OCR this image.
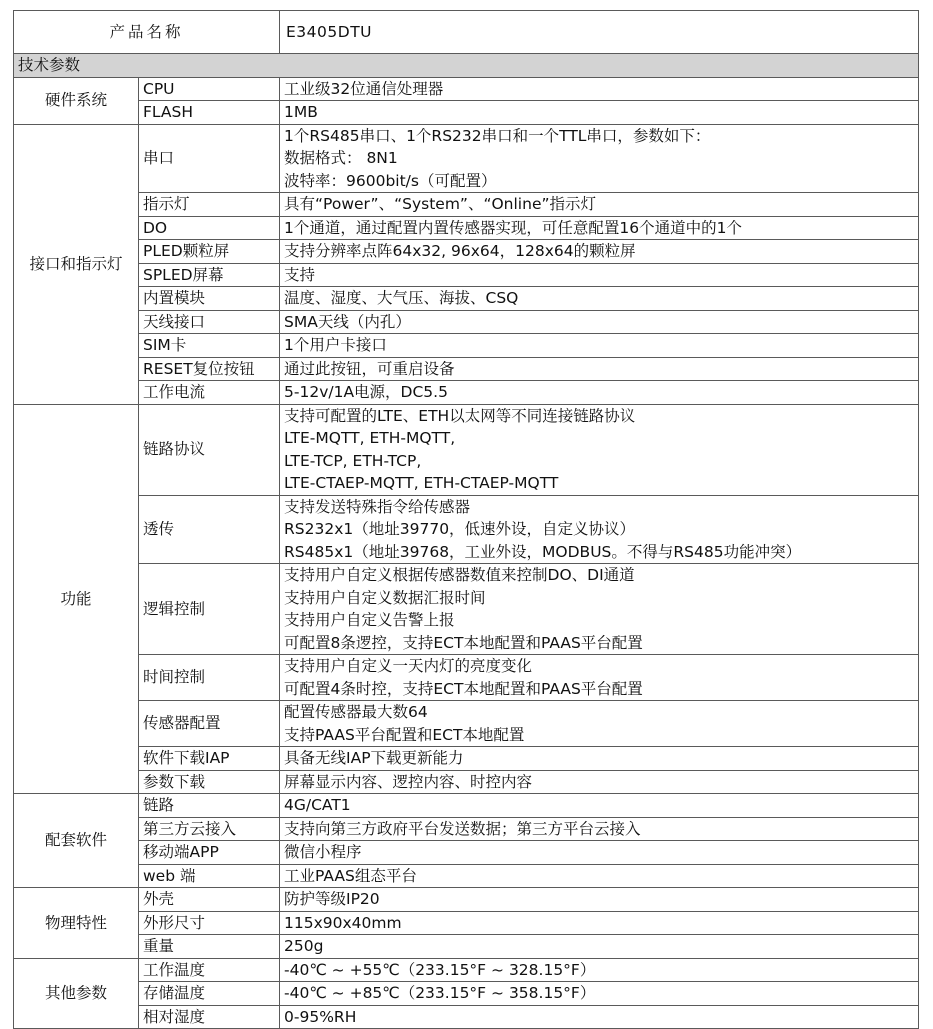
产品名称		E3405DTU
技术参数		
硬件系统	CPU	工业级32位通信处理器

	FLASH	1MB

接口和指示灯	串口	1个RS485串口、1个RS232串口和一个TTL串口，参数如下：
数据格式： 8N1
波特率：9600bit/s（可配置）

	指示灯	具有“Power”、“System”、“Online”指示灯

	DO	1个通道，通过配置内置传感器实现，可任意配置16个通道中的1个

	PLED颗粒屏	支持分辨率点阵64x32, 96x64，128x64的颗粒屏

	SPLED屏幕	支持

	内置模块	温度、湿度、大气压、海拔、CSQ

	天线接口	SMA天线（内孔）

	SIM卡	1个用户卡接口

	RESET复位按钮	通过此按钮，可重启设备

	工作电流	5-12v/1A电源，DC5.5

功能	链路协议	支持可配置的LTE、ETH以太网等不同连接链路协议
LTE-MQTT, ETH-MQTT,
LTE-TCP, ETH-TCP,
LTE-CTAEP-MQTT, ETH-CTAEP-MQTT

	透传	支持发送特殊指令给传感器
RS232x1（地址39770，低速外设，自定义协议）
RS485x1（地址39768，工业外设，MODBUS。不得与RS485功能冲突）

	逻辑控制	支持用户自定义根据传感器数值来控制DO、DI通道
支持用户自定义数据汇报时间
支持用户自定义告警上报
可配置8条逻控，支持ECT本地配置和PAAS平台配置

	时间控制	支持用户自定义一天内灯的亮度变化
可配置4条时控，支持ECT本地配置和PAAS平台配置

	传感器配置	配置传感器最大数64
支持PAAS平台配置和ECT本地配置

	软件下载IAP	具备无线IAP下载更新能力

	参数下载	屏幕显示内容、逻控内容、时控内容

配套软件	链路	4G/CAT1

	第三方云接入	支持向第三方政府平台发送数据；第三方平台云接入

	移动端APP	微信小程序

	web 端	工业PAAS组态平台

物理特性	外壳	防护等级IP20

	外形尺寸	115x90x40mm

	重量	250g

其他参数	工作温度	-40℃ ~ +55℃（233.15°F ~ 328.15°F）

	存储温度	-40℃ ~ +85℃（233.15°F ~ 358.15°F）

	相对湿度	0-95%RH
